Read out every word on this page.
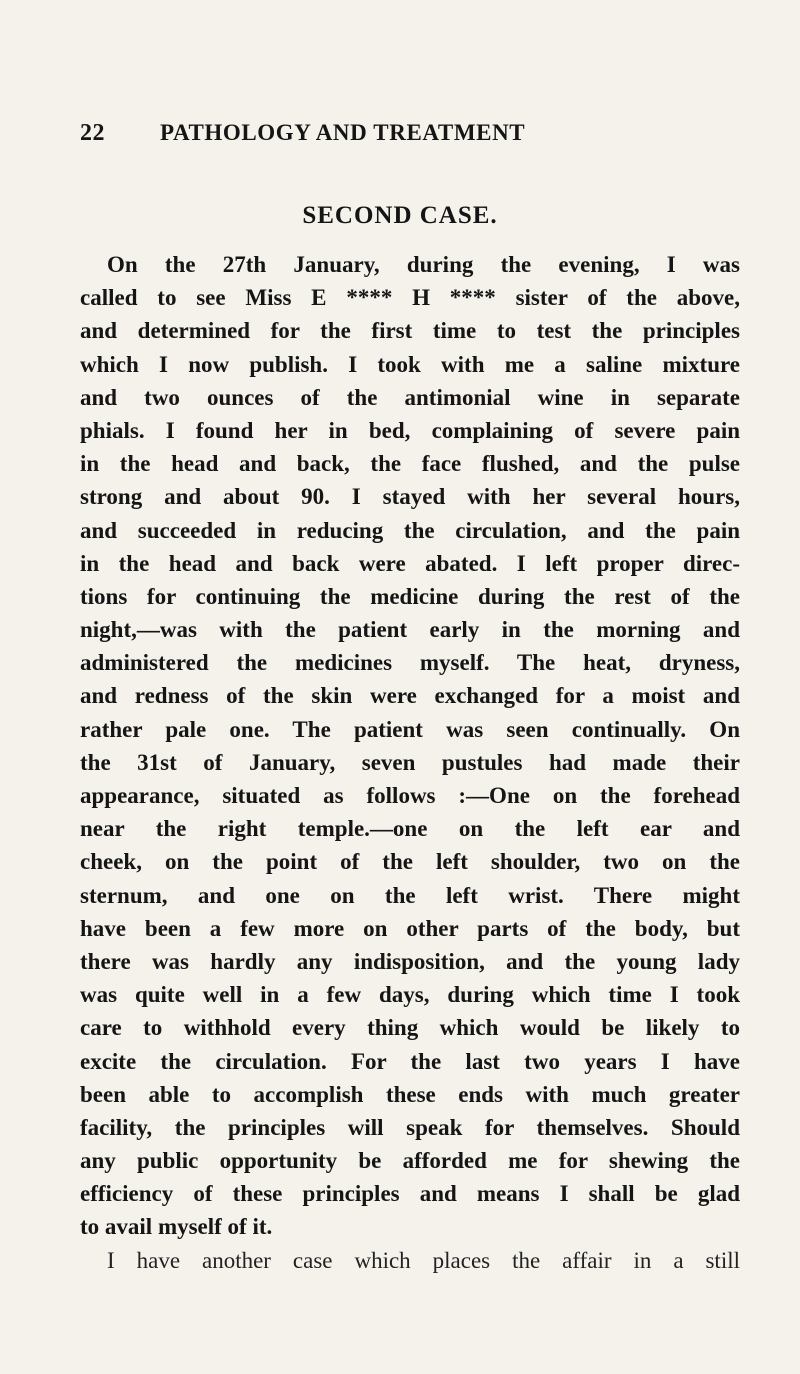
22 PATHOLOGY AND TREATMENT
SECOND CASE.
On the 27th January, during the evening, I was
called to see Miss E **** H **** sister of the above,
and determined for the first time to test the principles
which I now publish. I took with me a saline mixture
and two ounces of the antimonial wine in separate
phials. I found her in bed, complaining of severe pain
in the head and back, the face flushed, and the pulse
strong and about 90. I stayed with her several hours,
and succeeded in reducing the circulation, and the pain
in the head and back were abated. I left proper direc-
tions for continuing the medicine during the rest of the
night,—was with the patient early in the morning and
administered the medicines myself. The heat, dryness,
and redness of the skin were exchanged for a moist and
rather pale one. The patient was seen continually. On
the 31st of January, seven pustules had made their
appearance, situated as follows :—One on the forehead
near the right temple.—one on the left ear and
cheek, on the point of the left shoulder, two on the
sternum, and one on the left wrist. There might
have been a few more on other parts of the body, but
there was hardly any indisposition, and the young lady
was quite well in a few days, during which time I took
care to withhold every thing which would be likely to
excite the circulation. For the last two years I have
been able to accomplish these ends with much greater
facility, the principles will speak for themselves. Should
any public opportunity be afforded me for shewing the
efficiency of these principles and means I shall be glad
to avail myself of it.
I have another case which places the affair in a still
